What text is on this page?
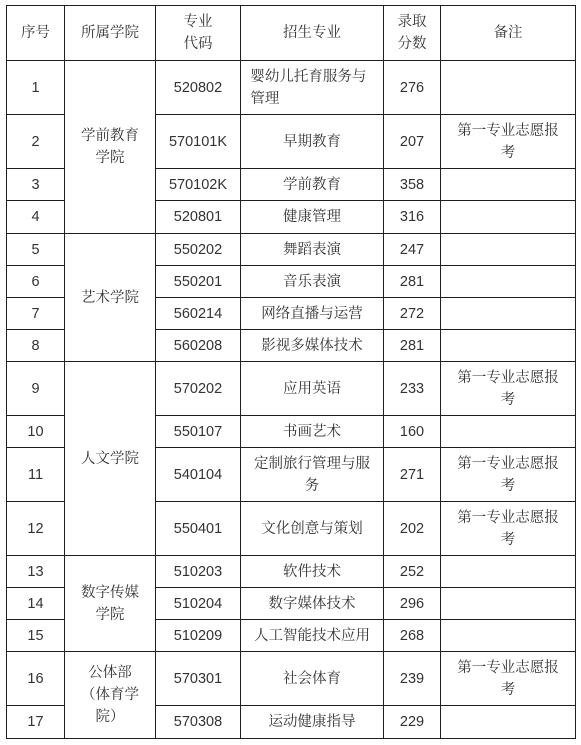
序号	所属学院	专业代码	招生专业	录取分数	备注
1	学前教育学院	520802	婴幼儿托育服务与管理	276	
2		570101K	早期教育	207	第一专业志愿报考
3		570102K	学前教育	358	
4		520801	健康管理	316	
5	艺术学院	550202	舞蹈表演	247	
6		550201	音乐表演	281	
7		560214	网络直播与运营	272	
8		560208	影视多媒体技术	281	
9	人文学院	570202	应用英语	233	第一专业志愿报考
10		550107	书画艺术	160	
11		540104	定制旅行管理与服务	271	第一专业志愿报考
12		550401	文化创意与策划	202	第一专业志愿报考
13	数字传媒学院	510203	软件技术	252	
14		510204	数字媒体技术	296	
15		510209	人工智能技术应用	268	
16	公体部（体育学院）	570301	社会体育	239	第一专业志愿报考
17		570308	运动健康指导	229	
